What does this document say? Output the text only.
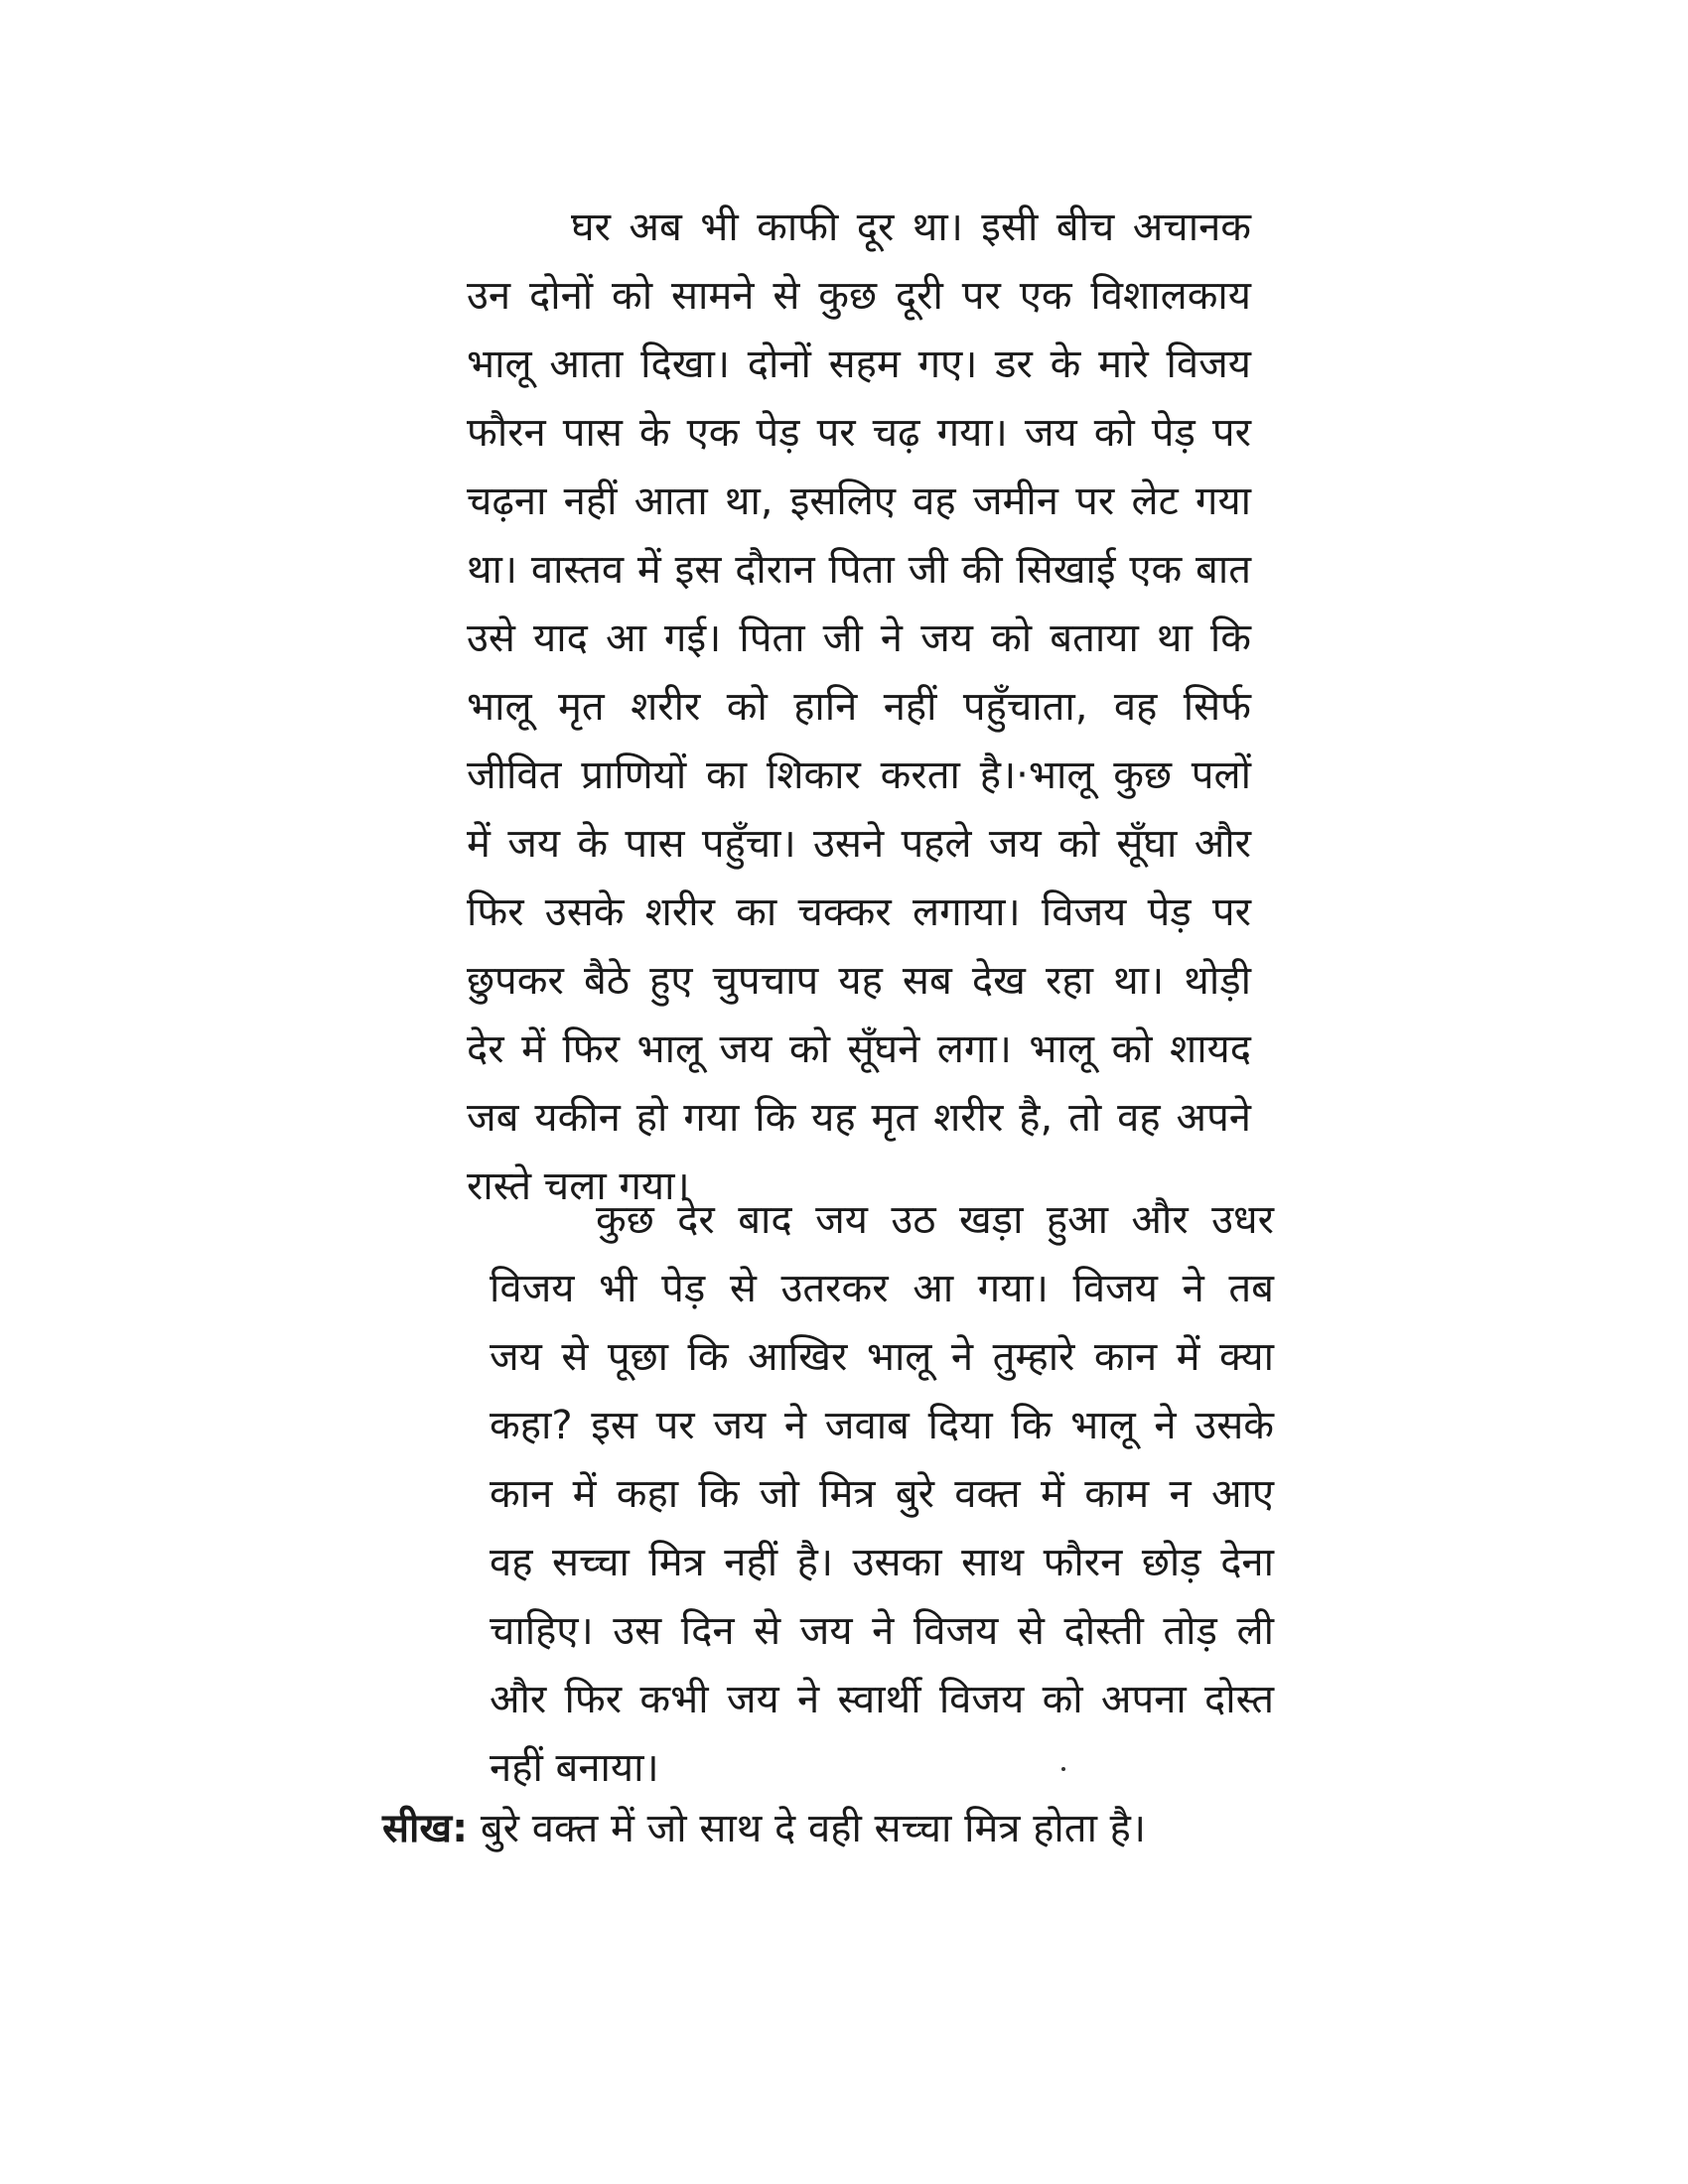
घर अब भी काफी दूर था। इसी बीच अचानक
उन दोनों को सामने से कुछ दूरी पर एक विशालकाय
भालू आता दिखा। दोनों सहम गए। डर के मारे विजय
फौरन पास के एक पेड़ पर चढ़ गया। जय को पेड़ पर
चढ़ना नहीं आता था, इसलिए वह जमीन पर लेट गया
था। वास्तव में इस दौरान पिता जी की सिखाई एक बात
उसे याद आ गई। पिता जी ने जय को बताया था कि
भालू मृत शरीर को हानि नहीं पहुँचाता, वह सिर्फ
जीवित प्राणियों का शिकार करता है।·भालू कुछ पलों
में जय के पास पहुँचा। उसने पहले जय को सूँघा और
फिर उसके शरीर का चक्कर लगाया। विजय पेड़ पर
छुपकर बैठे हुए चुपचाप यह सब देख रहा था। थोड़ी
देर में फिर भालू जय को सूँघने लगा। भालू को शायद
जब यकीन हो गया कि यह मृत शरीर है, तो वह अपने
रास्ते चला गया।
कुछ देर बाद जय उठ खड़ा हुआ और उधर
विजय भी पेड़ से उतरकर आ गया। विजय ने तब
जय से पूछा कि आखिर भालू ने तुम्हारे कान में क्या
कहा? इस पर जय ने जवाब दिया कि भालू ने उसके
कान में कहा कि जो मित्र बुरे वक्त में काम न आए
वह सच्चा मित्र नहीं है। उसका साथ फौरन छोड़ देना
चाहिए। उस दिन से जय ने विजय से दोस्ती तोड़ ली
और फिर कभी जय ने स्वार्थी विजय को अपना दोस्त
नहीं बनाया।
सीख: बुरे वक्त में जो साथ दे वही सच्चा मित्र होता है।
